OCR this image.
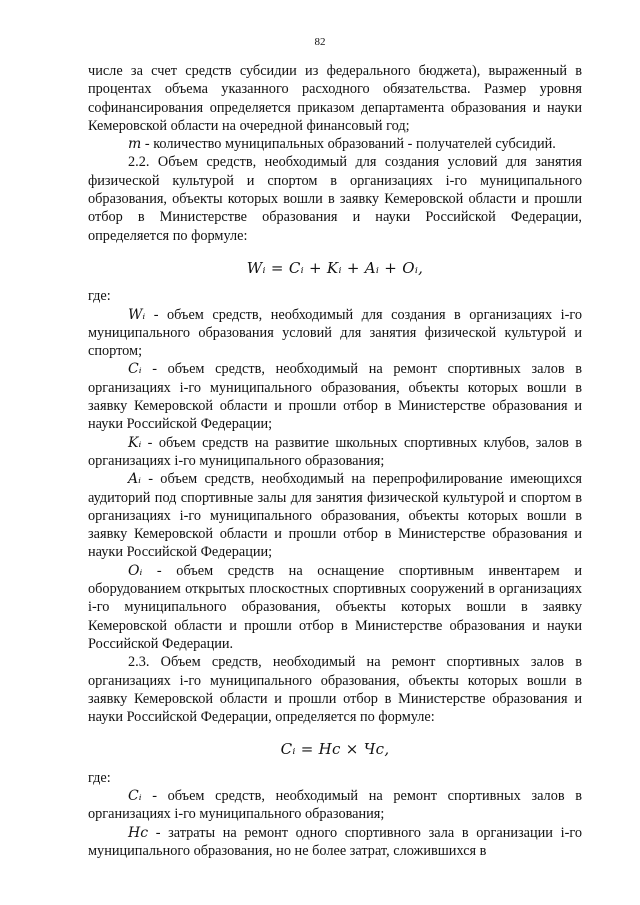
82

числе за счет средств субсидии из федерального бюджета), выраженный в процентах объема указанного расходного обязательства. Размер уровня софинансирования определяется приказом департамента образования и науки Кемеровской области на очередной финансовый год;

m - количество муниципальных образований - получателей субсидий.

2.2. Объем средств, необходимый для создания условий для занятия физической культурой и спортом в организациях i-го муниципального образования, объекты которых вошли в заявку Кемеровской области и прошли отбор в Министерстве образования и науки Российской Федерации, определяется по формуле:

Wᵢ = Cᵢ + Kᵢ + Aᵢ + Oᵢ,

где:

Wᵢ - объем средств, необходимый для создания в организациях i-го муниципального образования условий для занятия физической культурой и спортом;

Cᵢ - объем средств, необходимый на ремонт спортивных залов в организациях i-го муниципального образования, объекты которых вошли в заявку Кемеровской области и прошли отбор в Министерстве образования и науки Российской Федерации;

Kᵢ - объем средств на развитие школьных спортивных клубов, залов в организациях i-го муниципального образования;

Aᵢ - объем средств, необходимый на перепрофилирование имеющихся аудиторий под спортивные залы для занятия физической культурой и спортом в организациях i-го муниципального образования, объекты которых вошли в заявку Кемеровской области и прошли отбор в Министерстве образования и науки Российской Федерации;

Oᵢ - объем средств на оснащение спортивным инвентарем и оборудованием открытых плоскостных спортивных сооружений в организациях i-го муниципального образования, объекты которых вошли в заявку Кемеровской области и прошли отбор в Министерстве образования и науки Российской Федерации.

2.3. Объем средств, необходимый на ремонт спортивных залов в организациях i-го муниципального образования, объекты которых вошли в заявку Кемеровской области и прошли отбор в Министерстве образования и науки Российской Федерации, определяется по формуле:

Cᵢ = Нс × Чс,

где:

Cᵢ - объем средств, необходимый на ремонт спортивных залов в организациях i-го муниципального образования;

Hс - затраты на ремонт одного спортивного зала в организации i-го муниципального образования, но не более затрат, сложившихся в
